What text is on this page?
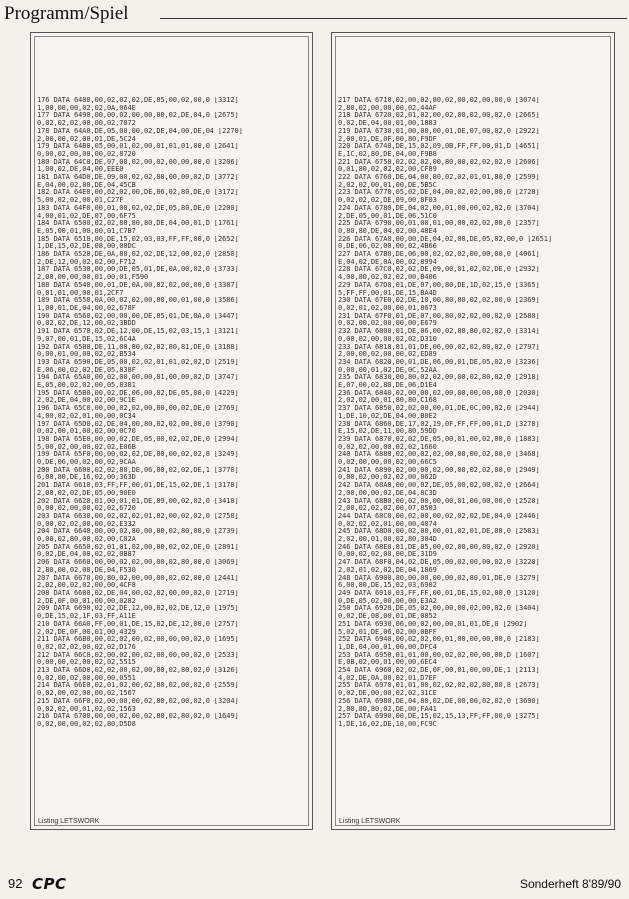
Programm/Spiel
176 DATA 6480,00,02,02,02,DE,05,00,02,00,0 [3312]
1,00,00,00,02,02,0A,064E
177 DATA 6490,00,00,02,00,00,00,02,DE,04,0 [2675]
0,02,02,02,00,00,02,7872
178 DATA 64A0,DE,05,00,00,02,DE,04,00,DE,04 [2270]
2,00,00,02,00,01,DE,5C24
179 DATA 64B0,05,00,01,02,00,01,01,01,00,0 [2641]
0,00,02,00,00,00,02,8720
180 DATA 64C0,DE,07,00,02,00,02,00,00,00,0 [3206]
1,00,02,DE,04,00,EEE0
181 DATA 64D0,DE,09,00,02,02,00,00,00,02,D [3772]
E,04,00,02,80,DE,04,45CB
182 DATA 64E0,00,02,02,00,DE,06,02,80,DE,0 [3172]
5,00,02,02,00,01,C27F
183 DATA 64F0,00,01,00,02,02,DE,05,80,DE,0 [2200]
4,00,01,02,DE,07,00,6F75
184 DATA 6500,02,02,80,80,80,DE,04,00,01,D [1761]
E,05,00,01,00,00,01,C7B7
185 DATA 6510,00,DE,15,02,03,03,FF,FF,00,0 [2652]
1,DE,15,02,DE,08,00,00DC
186 DATA 6520,DE,0A,80,02,02,DE,12,00,02,0 [2850]
2,DE,12,00,02,02,00,F712
187 DATA 6530,00,00,DE,05,01,DE,0A,00,02,0 [3733]
2,00,00,00,00,01,00,01,F590
188 DATA 6540,00,01,DE,0A,00,02,02,00,00,0 [3387]
0,01,01,00,00,01,2CF7
189 DATA 6550,0A,00,02,02,00,00,00,01,00,0 [3586]
1,00,01,DE,04,00,02,678F
190 DATA 6560,02,00,00,00,DE,05,01,DE,0A,0 [3447]
0,02,02,DE,12,00,02,3BDD
191 DATA 6570,02,DE,12,00,DE,15,02,03,15,1 [3121]
9,07,00,01,DE,15,02,6C4A
192 DATA 6580,DE,11,00,80,02,02,80,81,DE,0 [3188]
0,00,01,00,00,02,02,B534
193 DATA 6590,DE,05,00,02,02,01,01,02,02,D [2519]
E,06,00,02,02,DE,05,838F
194 DATA 65A0,00,02,00,00,00,01,00,00,02,D [3747]
E,05,00,02,02,00,05,8381
195 DATA 65B0,00,02,DE,06,00,02,DE,05,00,0 [4229]
2,02,DE,04,00,02,00,9C1E
196 DATA 65C0,00,00,02,02,00,00,00,02,DE,0 [2769]
4,00,02,02,01,00,00,0C34
197 DATA 65D0,02,DE,04,00,80,02,02,00,00,0 [3790]
0,02,00,01,00,02,00,0C70
198 DATA 65E0,00,00,02,DE,05,00,02,02,DE,0 [2994]
5,00,02,00,00,02,02,E06B
199 DATA 65F0,00,00,02,02,DE,00,00,02,02,8 [3249]
0,DE,06,00,02,00,02,9CAA
200 DATA 6600,02,02,80,DE,06,00,02,02,DE,1 [3770]
6,00,80,DE,16,02,00,363D
201 DATA 6610,03,FF,FF,00,01,DE,15,02,DE,1 [3178]
2,00,02,02,DE,05,00,90E0
202 DATA 6620,01,00,01,01,DE,09,00,02,02,0 [3418]
0,00,02,00,00,02,02,6720
203 DATA 6630,00,02,02,02,01,02,00,02,02,0 [2758]
0,00,02,02,00,00,02,E332
204 DATA 6640,00,00,02,80,00,00,02,80,00,0 [2739]
0,00,02,80,00,02,00,C02A
205 DATA 6650,02,01,01,02,00,00,02,02,DE,0 [2891]
0,02,DE,04,00,02,02,0B87
206 DATA 6660,00,00,02,02,00,00,02,80,00,0 [3069]
2,80,00,02,00,DE,04,F530
207 DATA 6670,00,80,02,00,00,00,02,02,00,0 [2441]
2,02,00,02,02,00,00,4CF8
208 DATA 6680,02,DE,04,00,02,02,00,00,02,0 [2719]
2,DE,0F,00,01,00,00,0282
209 DATA 6690,02,02,DE,12,00,02,02,DE,12,0 [1975]
0,DE,15,02,1F,03,FF,A11E
210 DATA 66A0,FF,00,01,DE,15,02,DE,12,00,0 [2757]
2,02,DE,0F,00,01,00,4329
211 DATA 66B0,00,02,02,00,02,00,00,00,02,0 [1695]
0,02,02,02,00,02,02,D176
212 DATA 66C0,02,00,02,00,02,00,00,00,02,0 [2533]
0,00,00,02,00,02,02,5515
213 DATA 66D0,02,02,00,02,00,00,02,80,02,0 [3126]
0,02,00,02,00,00,00,0551
214 DATA 66E0,02,01,02,00,02,80,02,00,02,0 [2559]
0,02,00,02,00,00,02,1567
215 DATA 66F0,02,00,00,00,02,00,02,00,02,0 [3204]
0,02,02,00,01,02,02,1563
216 DATA 6700,00,00,02,00,02,80,02,80,02,0 [1649]
0,02,00,00,02,02,80,D5D8
Listing LETSWORK
217 DATA 6710,02,00,02,80,02,00,02,00,00,0 [3074]
2,80,02,00,00,00,02,44AF
218 DATA 6720,02,01,02,00,02,00,02,00,02,0 [2665]
0,02,DE,04,00,01,00,1883
219 DATA 6730,01,00,00,00,01,DE,07,00,02,0 [2922]
2,00,01,DE,0F,00,80,F9DF
220 DATA 6740,DE,15,02,09,0B,FF,FF,00,01,D [4651]
E,1C,02,80,DE,04,00,F9B8
221 DATA 6750,02,02,02,00,80,00,02,02,02,0 [2606]
0,01,80,02,02,02,00,CF89
222 DATA 6760,DE,04,00,80,02,02,01,01,80,0 [2599]
2,02,02,00,01,00,DE,5B5C
223 DATA 6770,05,02,DE,04,00,02,02,00,00,0 [2728]
0,02,02,02,DE,09,00,8F03
224 DATA 6780,DE,04,02,00,01,00,00,02,02,0 [3704]
2,DE,05,00,01,DE,06,51C0
225 DATA 6790,00,01,00,01,00,00,02,02,00,0 [2357]
0,80,80,DE,04,02,00,48E4
226 DATA 67A0,00,00,DE,04,02,00,DE,05,02,00,0 [2651]
0,DE,06,02,00,00,02,4B66
227 DATA 67B0,DE,06,00,02,02,02,00,00,00,0 [4061]
E,04,02,DE,0A,00,02,8994
228 DATA 67C0,02,02,DE,09,00,01,02,02,DE,0 [2932]
4,00,80,02,02,02,00,B406
229 DATA 67D0,01,DE,07,00,80,DE,1D,02,15,0 [3365]
5,FF,FF,00,01,DE,15,BA4D
230 DATA 67E0,02,DE,10,00,80,80,02,02,00,0 [2369]
0,02,01,02,00,00,01,8673
231 DATA 67F0,01,DE,07,00,80,02,02,00,02,0 [2580]
0,02,00,02,00,00,00,E679
232 DATA 6800,01,DE,06,00,02,80,80,02,02,0 [3314]
0,00,02,00,00,02,02,D310
233 DATA 6810,01,01,DE,06,00,02,02,80,02,0 [2797]
2,00,00,02,00,00,02,ED89
234 DATA 6820,00,01,DE,06,00,01,DE,05,02,0 [3236]
0,00,00,01,02,DE,0C,52AA
235 DATA 6830,00,80,02,02,00,00,02,80,02,0 [2918]
E,07,00,02,80,DE,06,D1E4
236 DATA 6840,02,00,00,02,00,00,00,00,00,0 [2030]
2,02,02,00,01,80,80,C168
237 DATA 6850,02,02,00,00,01,DE,0C,00,02,0 [2944]
1,DE,10,02,DE,04,00,B0E2
238 DATA 6860,DE,17,02,19,0F,FF,FF,00,01,D [3278]
E,15,02,DE,11,00,80,59DD
239 DATA 6870,02,02,DE,05,00,01,00,02,00,0 [1883]
0,02,02,00,00,02,02,1660
240 DATA 6880,02,00,02,02,00,00,00,02,00,0 [3468]
0,02,00,00,00,02,00,66C5
241 DATA 6890,02,00,00,02,00,00,02,02,00,0 [2949]
0,80,02,00,02,02,00,062D
242 DATA 68A0,00,00,02,DE,05,00,02,00,02,0 [2664]
2,00,00,00,02,DE,04,8C3D
243 DATA 68B0,00,02,00,00,00,01,00,00,00,0 [2520]
2,00,02,02,02,00,07,8503
244 DATA 68C0,00,02,00,00,02,02,02,DE,04,0 [2446]
0,02,02,02,01,00,00,4074
245 DATA 68D0,00,02,00,00,01,02,01,DE,08,0 [2583]
2,02,00,01,00,02,80,304D
246 DATA 68E0,01,DE,05,00,02,00,00,80,02,0 [2920]
0,00,02,02,00,00,DE,31D9
247 DATA 68F0,04,02,DE,05,00,02,00,00,02,0 [3220]
2,02,01,02,02,DE,04,1869
248 DATA 6900,80,00,00,00,00,02,80,01,DE,0 [3279]
6,00,80,DE,15,02,03,6902
249 DATA 6910,03,FF,FF,00,01,DE,15,02,00,0 [3120]
0,DE,05,02,00,00,00,E3A2
250 DATA 6920,DE,05,02,00,00,00,02,00,02,0 [3404]
0,02,DE,08,00,01,DE,0852
251 DATA 6930,06,00,02,00,00,01,01,DE,0 [2902]
5,02,01,DE,06,02,00,0BFF
252 DATA 6940,00,02,02,00,01,00,00,00,00,0 [2183]
1,DE,04,00,01,00,00,DFC4
253 DATA 6950,01,01,00,00,02,02,00,00,00,D [1607]
E,0B,02,00,01,00,00,6EC4
254 DATA 6960,02,02,DE,0F,00,01,00,00,DE,1 [2113]
4,02,DE,0A,00,02,01,D7EF
255 DATA 6970,01,01,00,02,02,02,02,80,80,8 [2673]
0,02,DE,00,00,02,02,31CE
256 DATA 6980,DE,04,80,02,DE,00,00,02,02,0 [3690]
2,80,80,80,02,DE,00,FA41
257 DATA 6990,00,DE,15,02,15,13,FF,FF,00,0 [3275]
1,DE,16,02,DE,10,00,FC9C
Listing LETSWORK
92 CPC	Sonderheft 8'89/90
